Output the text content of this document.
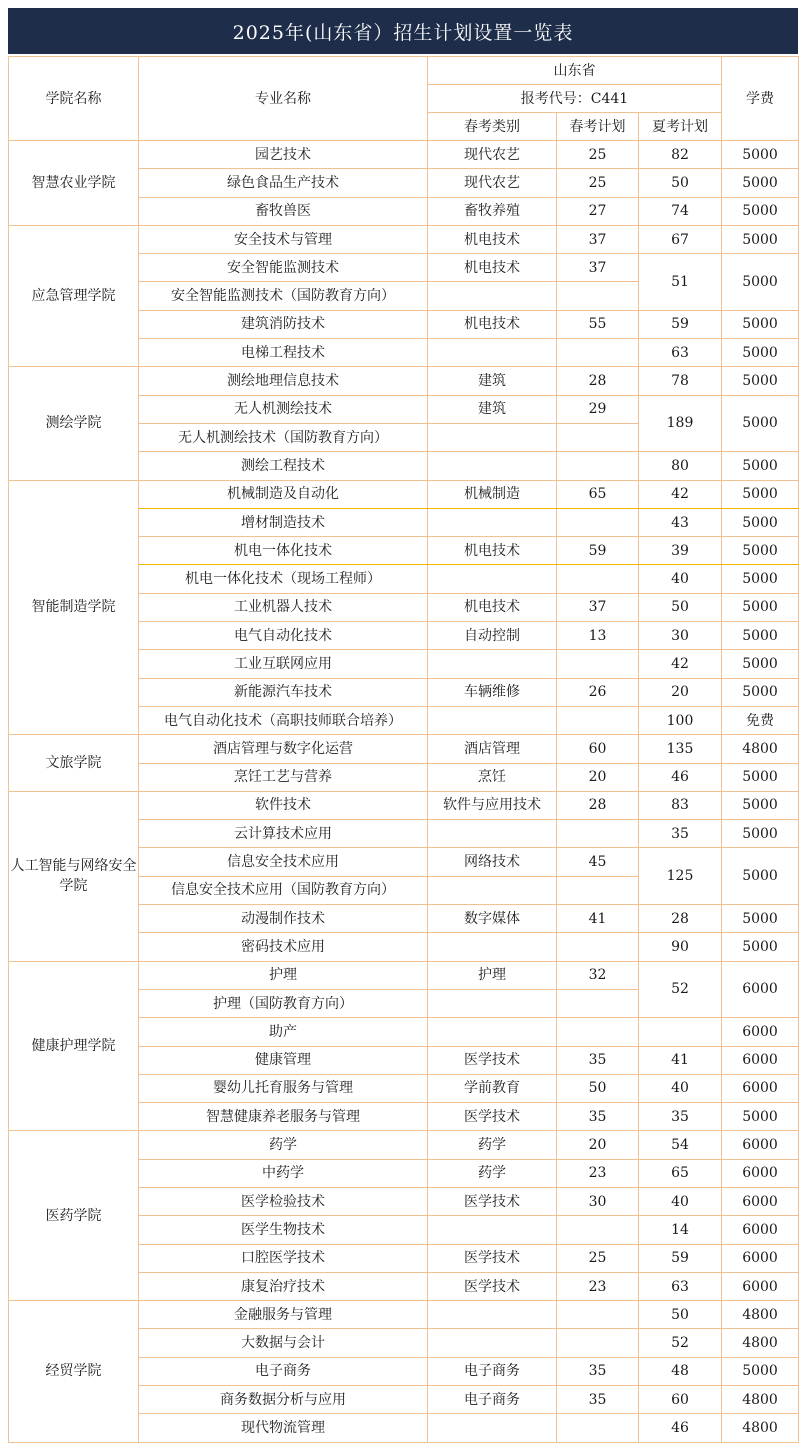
2025年(山东省）招生计划设置一览表
学院名称	专业名称	山东省			学费
		报考代号：C441			
		春考类别	春考计划	夏考计划	
智慧农业学院	园艺技术	现代农艺	25	82	5000
	绿色食品生产技术	现代农艺	25	50	5000
	畜牧兽医	畜牧养殖	27	74	5000
应急管理学院	安全技术与管理	机电技术	37	67	5000
	安全智能监测技术	机电技术	37	51	5000
	安全智能监测技术（国防教育方向）				
	建筑消防技术	机电技术	55	59	5000
	电梯工程技术			63	5000
测绘学院	测绘地理信息技术	建筑	28	78	5000
	无人机测绘技术	建筑	29	189	5000
	无人机测绘技术（国防教育方向）				
	测绘工程技术			80	5000
智能制造学院	机械制造及自动化	机械制造	65	42	5000
	增材制造技术			43	5000
	机电一体化技术	机电技术	59	39	5000
	机电一体化技术（现场工程师）			40	5000
	工业机器人技术	机电技术	37	50	5000
	电气自动化技术	自动控制	13	30	5000
	工业互联网应用			42	5000
	新能源汽车技术	车辆维修	26	20	5000
	电气自动化技术（高职技师联合培养）			100	免费
文旅学院	酒店管理与数字化运营	酒店管理	60	135	4800
	烹饪工艺与营养	烹饪	20	46	5000
人工智能与网络安全学院	软件技术	软件与应用技术	28	83	5000
	云计算技术应用			35	5000
	信息安全技术应用	网络技术	45	125	5000
	信息安全技术应用（国防教育方向）				
	动漫制作技术	数字媒体	41	28	5000
	密码技术应用			90	5000
健康护理学院	护理	护理	32	52	6000
	护理（国防教育方向）				
	助产				6000
	健康管理	医学技术	35	41	6000
	婴幼儿托育服务与管理	学前教育	50	40	6000
	智慧健康养老服务与管理	医学技术	35	35	5000
医药学院	药学	药学	20	54	6000
	中药学	药学	23	65	6000
	医学检验技术	医学技术	30	40	6000
	医学生物技术			14	6000
	口腔医学技术	医学技术	25	59	6000
	康复治疗技术	医学技术	23	63	6000
经贸学院	金融服务与管理			50	4800
	大数据与会计			52	4800
	电子商务	电子商务	35	48	5000
	商务数据分析与应用	电子商务	35	60	4800
	现代物流管理			46	4800
